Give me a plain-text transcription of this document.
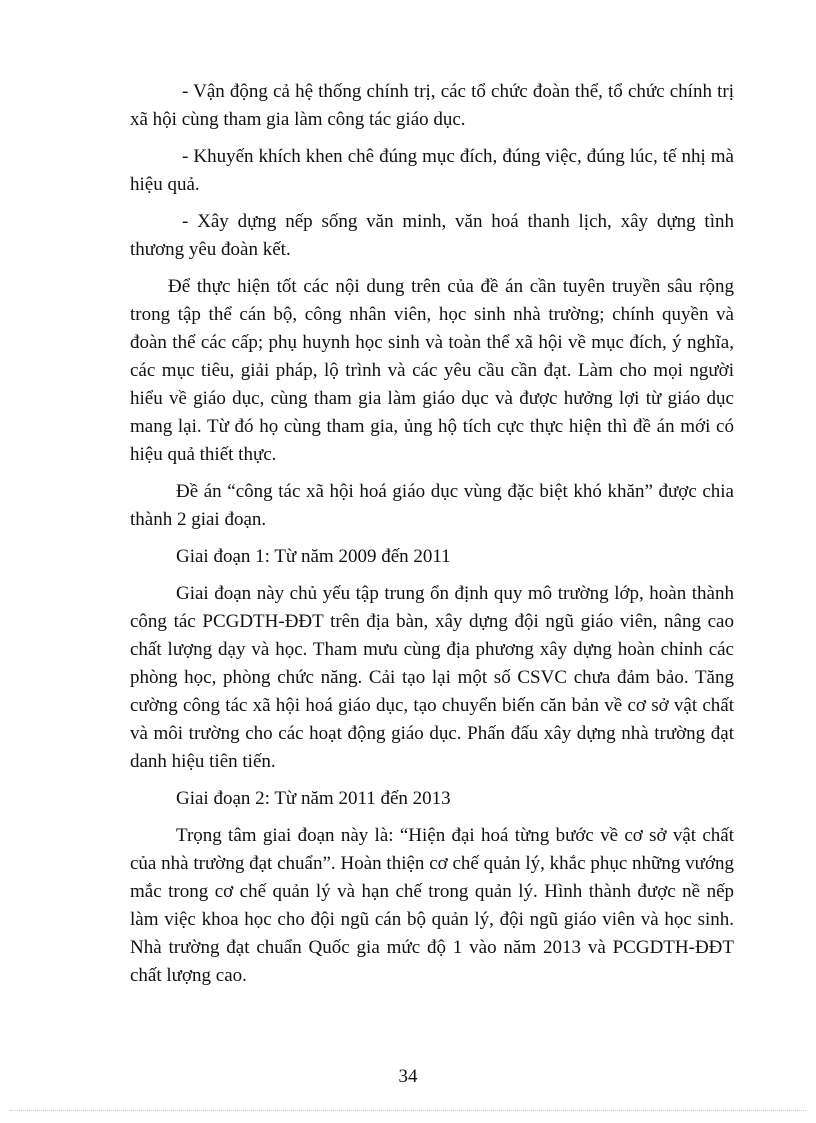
- Vận động cả hệ thống chính trị, các tổ chức đoàn thể, tổ chức chính trị xã hội cùng tham gia làm công tác giáo dục.

- Khuyến khích khen chê đúng mục đích, đúng việc, đúng lúc, tế nhị mà hiệu quả.

- Xây dựng nếp sống văn minh, văn hoá thanh lịch, xây dựng tình thương yêu đoàn kết.

Để thực hiện tốt các nội dung trên của đề án cần tuyên truyền sâu rộng trong tập thể cán bộ, công nhân viên, học sinh nhà trường; chính quyền và đoàn thể các cấp; phụ huynh học sinh và toàn thể xã hội về mục đích, ý nghĩa, các mục tiêu, giải pháp, lộ trình và các yêu cầu cần đạt. Làm cho mọi người hiểu về giáo dục, cùng tham gia làm giáo dục và được hưởng lợi từ giáo dục mang lại. Từ đó họ cùng tham gia, ủng hộ tích cực thực hiện thì đề án mới có hiệu quả thiết thực.

Đề án “công tác xã hội hoá giáo dục vùng đặc biệt khó khăn” được chia thành 2 giai đoạn.

Giai đoạn 1: Từ năm 2009 đến 2011

Giai đoạn này chủ yếu tập trung ổn định quy mô trường lớp, hoàn thành công tác PCGDTH-ĐĐT trên địa bàn, xây dựng đội ngũ giáo viên, nâng cao chất lượng dạy và học. Tham mưu cùng địa phương xây dựng hoàn chỉnh các phòng học, phòng chức năng. Cải tạo lại một số CSVC chưa đảm bảo. Tăng cường công tác xã hội hoá giáo dục, tạo chuyển biến căn bản về cơ sở vật chất và môi trường cho các hoạt động giáo dục. Phấn đấu xây dựng nhà trường đạt danh hiệu tiên tiến.

Giai đoạn 2: Từ năm 2011 đến 2013

Trọng tâm giai đoạn này là: “Hiện đại hoá từng bước về cơ sở vật chất của nhà trường đạt chuẩn”. Hoàn thiện cơ chế quản lý, khắc phục những vướng mắc trong cơ chế quản lý và hạn chế trong quản lý. Hình thành được nề nếp làm việc khoa học cho đội ngũ cán bộ quản lý, đội ngũ giáo viên và học sinh. Nhà trường đạt chuẩn Quốc gia mức độ 1 vào năm 2013 và PCGDTH-ĐĐT chất lượng cao.

34
